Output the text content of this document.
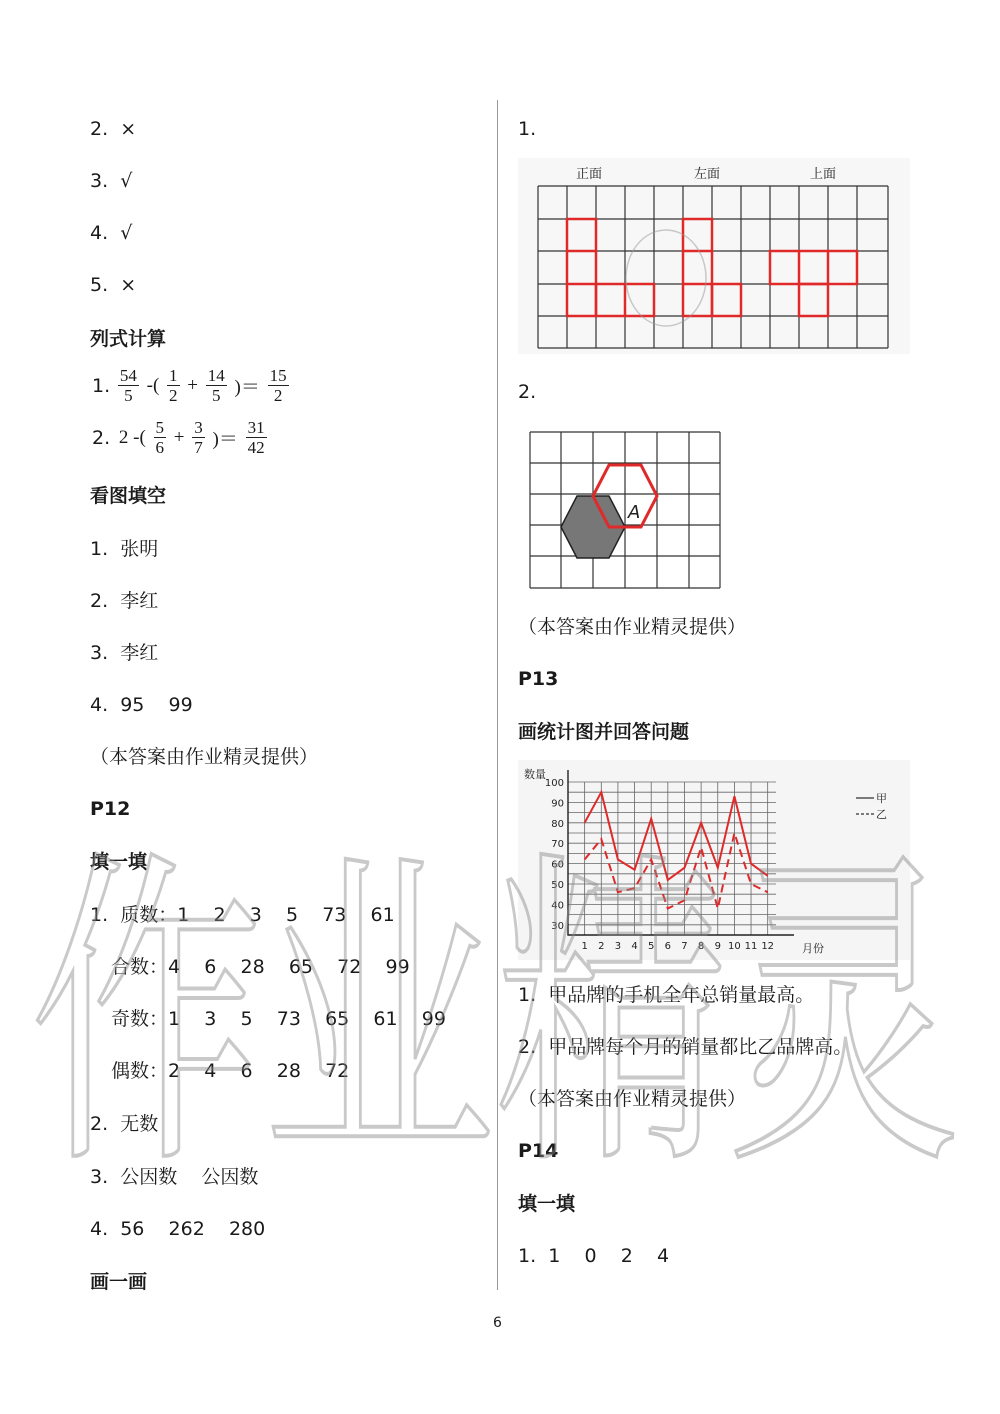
2.  ×
3.  √
4.  √
5.  ×
列式计算
1. $\frac{54}{5}$ -( $\frac{1}{2} + \frac{14}{5}$ )＝ $\frac{15}{2}$
2. 2 -( $\frac{5}{6} + \frac{3}{7}$ )＝ $\frac{31}{42}$
看图填空
1.  张明
2.  李红
3.  李红
4.  95    99
（本答案由作业精灵提供）
P12
填一填
1.  质数：1    2    3    5    73    61
合数：4    6    28    65    72    99
奇数：1    3    5    73    65    61    99
偶数：2    4    6    28    72
2.  无数
3.  公因数    公因数
4.  56    262    280
画一画
1.
正面	左面	上面
2.
A
（本答案由作业精灵提供）
P13
画统计图并回答问题
30
40
50
60
70
80
90
100
1 2 3 4 5 6 7 8 9 10 11 12
数量
月份
甲
乙
1.  甲品牌的手机全年总销量最高。
2.  甲品牌每个月的销量都比乙品牌高。
（本答案由作业精灵提供）
P14
填一填
1.  1    0    2    4
6
作业精灵
